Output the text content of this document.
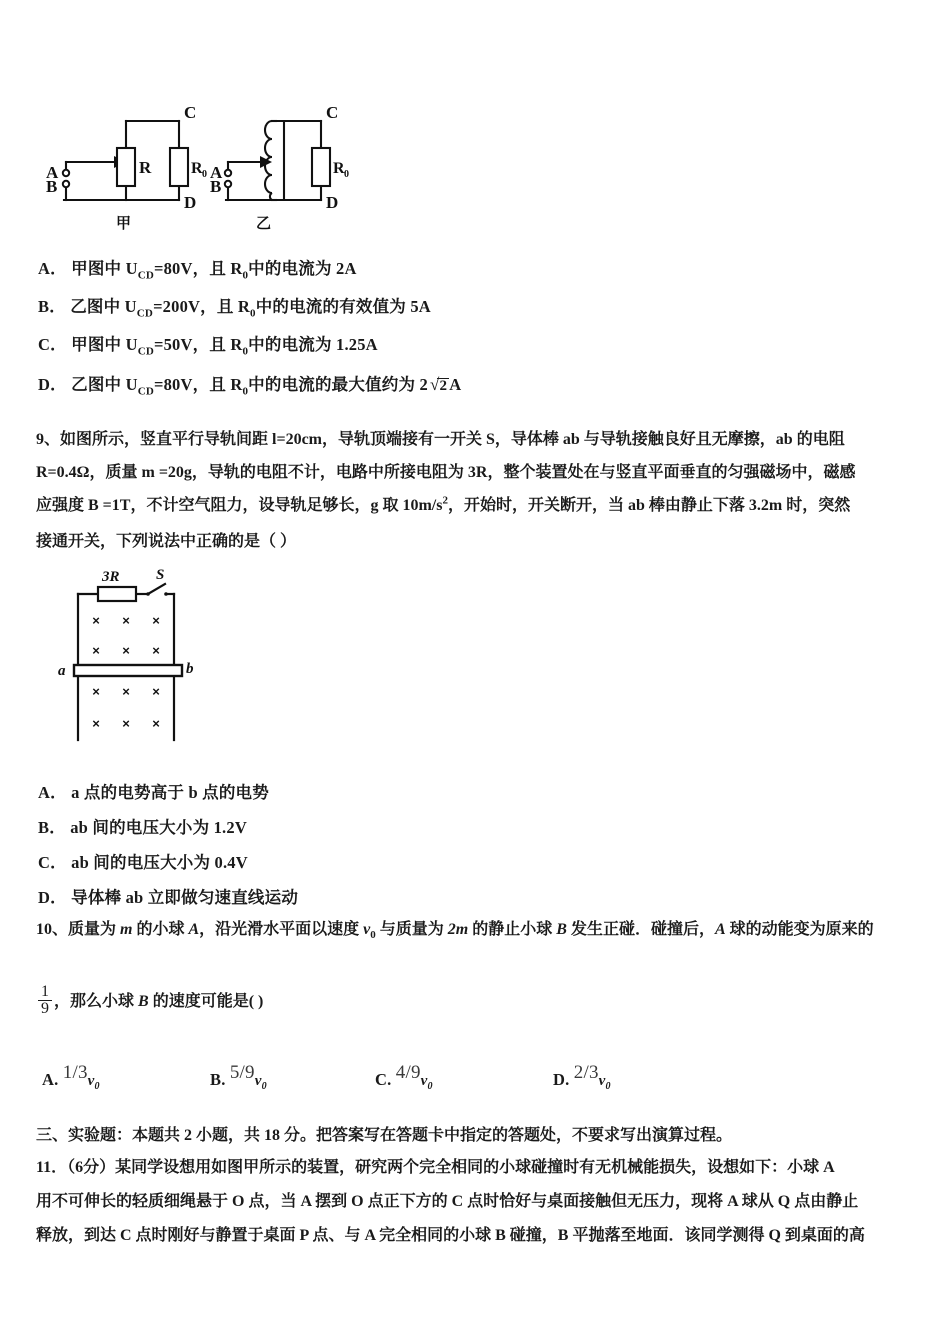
A
B
C
D
R R 0
甲
A
B
C
D
R 0
乙
A． 甲图中 $U_{CD}=80V$，且 $R_0$中的电流为 2A
B． 乙图中 $U_{CD}=200V$，且 $R_0$中的电流的有效值为 5A
C． 甲图中 $U_{CD}=50V$，且 $R_0$中的电流为 1.25A
D． 乙图中 $U_{CD}=80V$，且 $R_0$中的电流的最大值约为 2 √2 A
9、如图所示，竖直平行导轨间距 l=20cm，导轨顶端接有一开关 S，导体棒 ab 与导轨接触良好且无摩擦，ab 的电阻
R=0.4Ω，质量 m =20g，导轨的电阻不计，电路中所接电阻为 3R，整个装置处在与竖直平面垂直的匀强磁场中，磁感
应强度 B =1T，不计空气阻力，设导轨足够长，g 取 $10m/s^2$，开始时，开关断开，当 ab 棒由静止下落 3.2m 时，突然
接通开关，下列说法中正确的是（ ）
× × ×
× × ×
× × ×
× × ×
3R S
a	b
A． a 点的电势高于 b 点的电势
B． ab 间的电压大小为 1.2V
C． ab 间的电压大小为 0.4V
D． 导体棒 ab 立即做匀速直线运动
10、质量为 m 的小球 A，沿光滑水平面以速度 $v_0$ 与质量为 2m 的静止小球 B 发生正碰．碰撞后，A 球的动能变为原来的
$\frac{1}{9}$ ，那么小球 B 的速度可能是( )
A. $1/3v_0$	B. $5/9v_0$	C. $4/9v_0$	D. $2/3v_0$
三、实验题：本题共 2 小题，共 18 分。把答案写在答题卡中指定的答题处，不要求写出演算过程。
11．（6分）某同学设想用如图甲所示的装置，研究两个完全相同的小球碰撞时有无机械能损失，设想如下：小球 A
用不可伸长的轻质细绳悬于 O 点，当 A 摆到 O 点正下方的 C 点时恰好与桌面接触但无压力，现将 A 球从 Q 点由静止
释放，到达 C 点时刚好与静置于桌面 P 点、与 A 完全相同的小球 B 碰撞，B 平抛落至地面．该同学测得 Q 到桌面的高
